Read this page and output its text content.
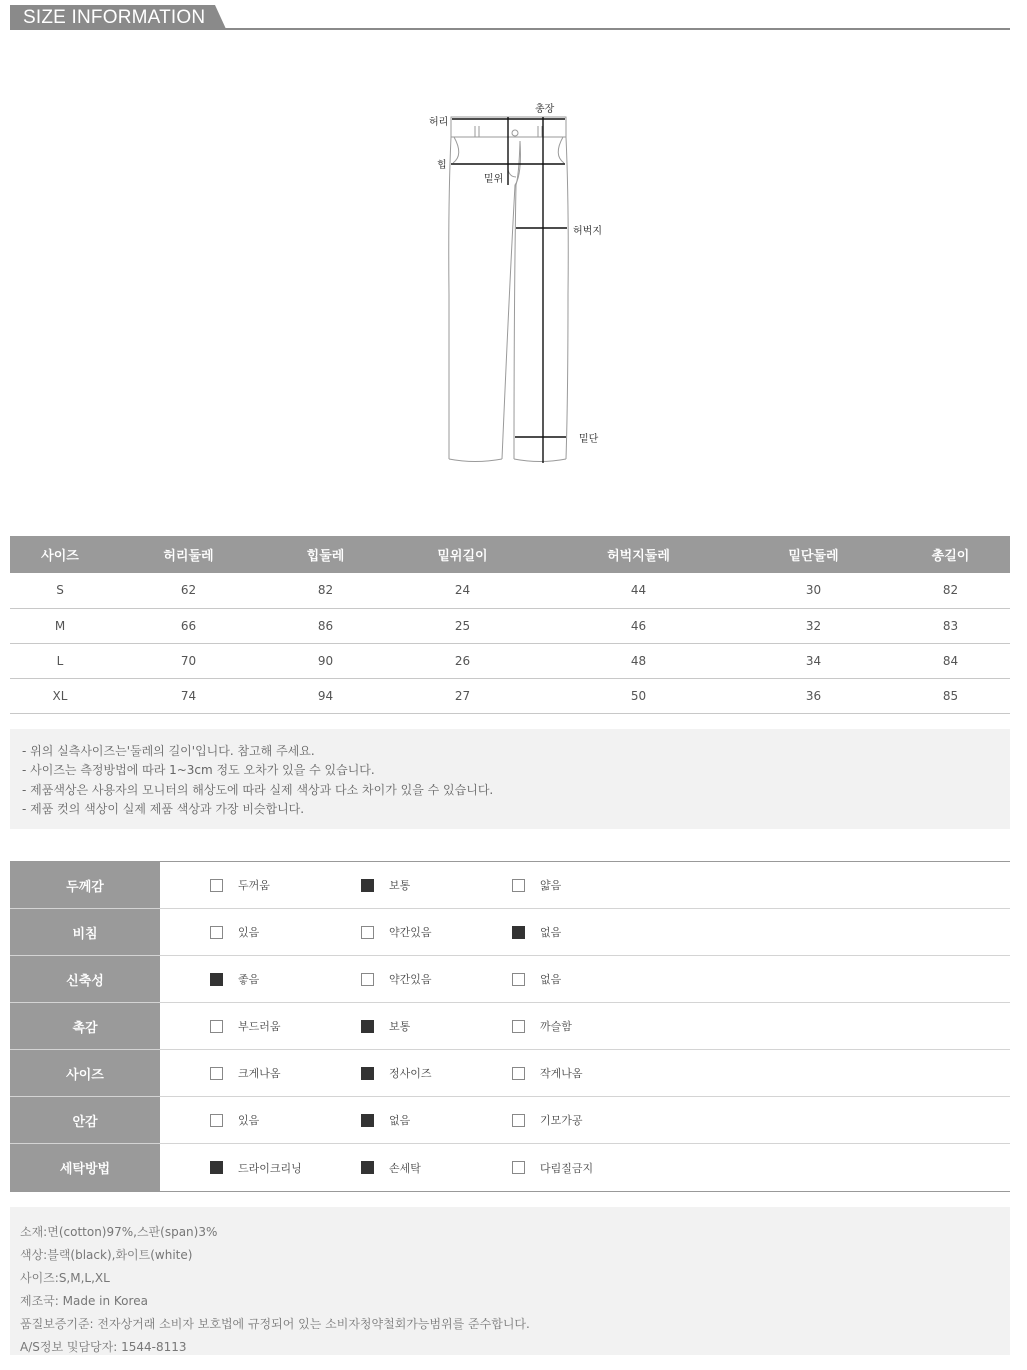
SIZE INFORMATION
허리
총장
힙
밑위
허벅지
밑단
사이즈	허리둘레	힙둘레	밑위길이	허벅지둘레	밑단둘레	총길이
S	62	82	24	44	30	82
M	66	86	25	46	32	83
L	70	90	26	48	34	84
XL	74	94	27	50	36	85

- 위의 실측사이즈는'둘레의 길이'입니다. 참고해 주세요.

- 사이즈는 측정방법에 따라 1~3cm 정도 오차가 있을 수 있습니다.

- 제품색상은 사용자의 모니터의 해상도에 따라 실제 색상과 다소 차이가 있을 수 있습니다.

- 제품 컷의 색상이 실제 제품 색상과 가장 비슷합니다.

두께감	두꺼움	보통	얇음
비침	있음	약간있음	없음
신축성	좋음	약간있음	없음
촉감	부드러움	보통	까슬함
사이즈	크게나옴	정사이즈	작게나옴
안감	있음	없음	기모가공
세탁방법	드라이크리닝	손세탁	다림질금지

소재:면(cotton)97%,스판(span)3%

색상:블랙(black),화이트(white)

사이즈:S,M,L,XL

제조국: Made in Korea

품질보증기준: 전자상거래 소비자 보호법에 규정되어 있는 소비자청약철회가능범위를 준수합니다.

A/S정보 및담당자: 1544-8113
